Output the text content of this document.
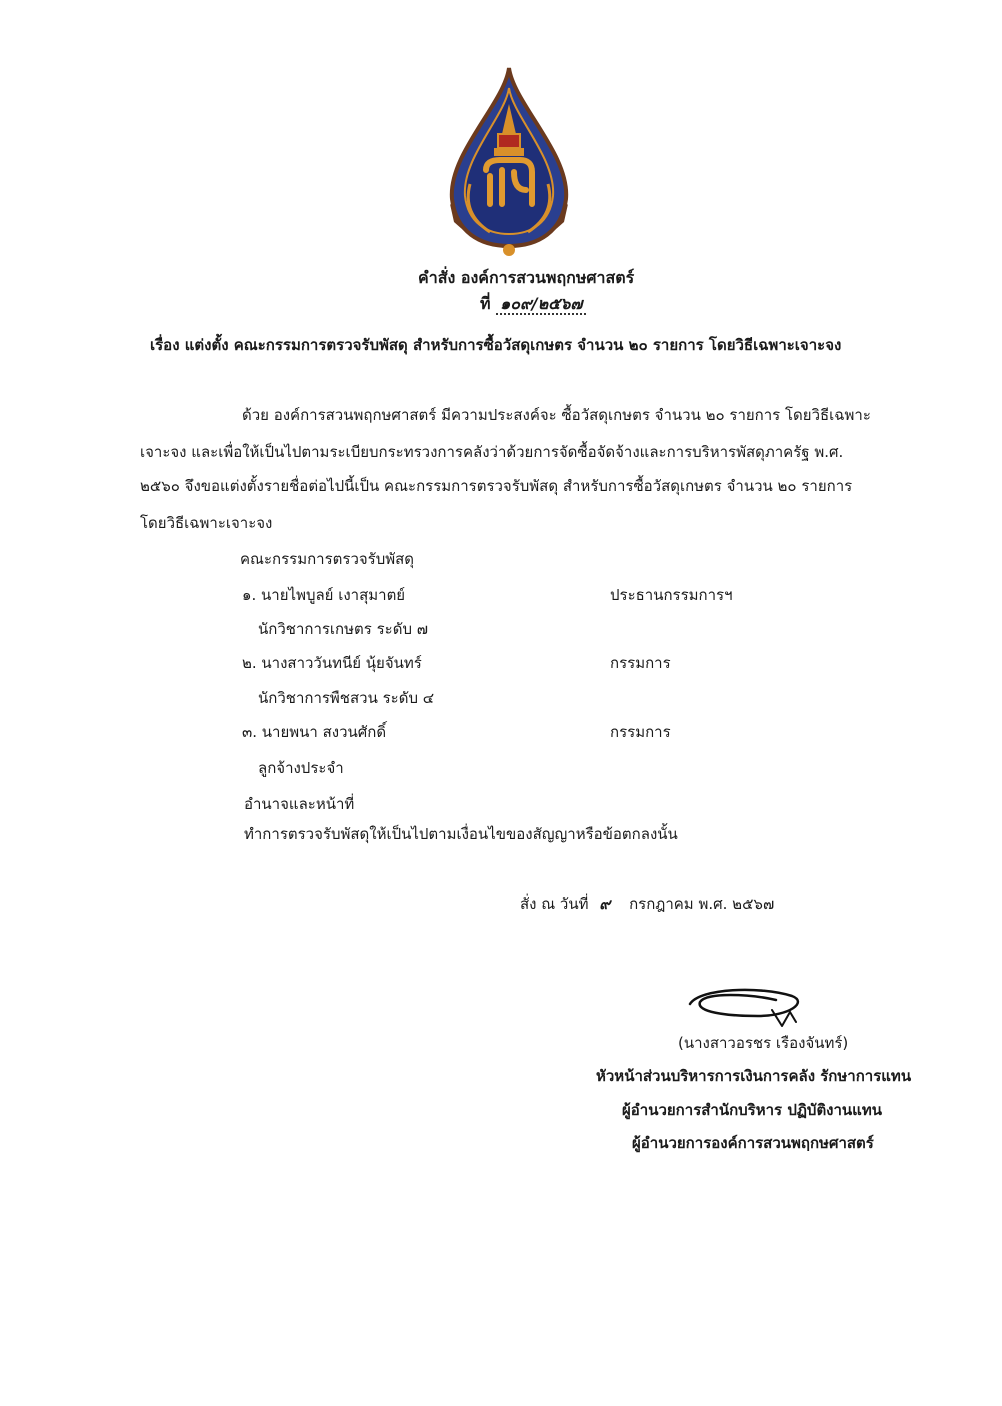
คำสั่ง องค์การสวนพฤกษศาสตร์
ที่ ๑๐๙/๒๕๖๗
เรื่อง แต่งตั้ง คณะกรรมการตรวจรับพัสดุ สำหรับการซื้อวัสดุเกษตร จำนวน ๒๐ รายการ โดยวิธีเฉพาะเจาะจง
ด้วย องค์การสวนพฤกษศาสตร์ มีความประสงค์จะ ซื้อวัสดุเกษตร จำนวน ๒๐ รายการ โดยวิธีเฉพาะ
เจาะจง และเพื่อให้เป็นไปตามระเบียบกระทรวงการคลังว่าด้วยการจัดซื้อจัดจ้างและการบริหารพัสดุภาครัฐ พ.ศ.
๒๕๖๐ จึงขอแต่งตั้งรายชื่อต่อไปนี้เป็น คณะกรรมการตรวจรับพัสดุ สำหรับการซื้อวัสดุเกษตร จำนวน ๒๐ รายการ
โดยวิธีเฉพาะเจาะจง
คณะกรรมการตรวจรับพัสดุ
๑. นายไพบูลย์ เงาสุมาตย์	ประธานกรรมการฯ
นักวิชาการเกษตร ระดับ ๗
๒. นางสาววันทนีย์ นุ้ยจันทร์	กรรมการ
นักวิชาการพืชสวน ระดับ ๔
๓. นายพนา สงวนศักดิ์	กรรมการ
ลูกจ้างประจำ
อำนาจและหน้าที่
ทำการตรวจรับพัสดุให้เป็นไปตามเงื่อนไขของสัญญาหรือข้อตกลงนั้น
สั่ง ณ วันที่ ๙ กรกฎาคม พ.ศ. ๒๕๖๗
(นางสาวอรชร เรืองจันทร์)
หัวหน้าส่วนบริหารการเงินการคลัง รักษาการแทน
ผู้อำนวยการสำนักบริหาร ปฏิบัติงานแทน
ผู้อำนวยการองค์การสวนพฤกษศาสตร์
